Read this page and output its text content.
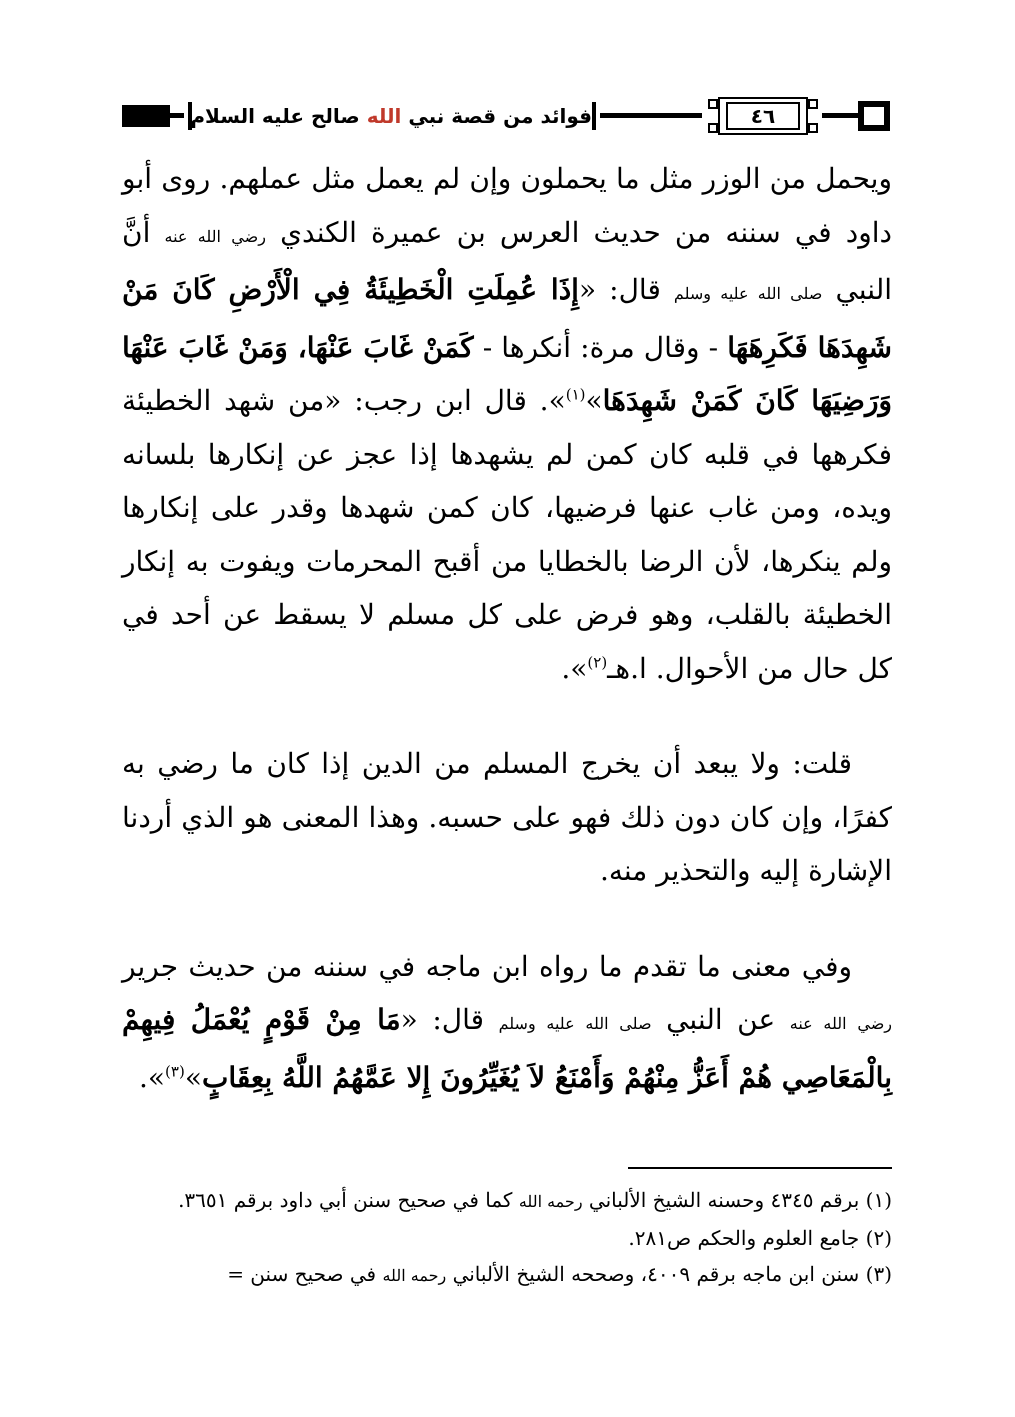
فوائد من قصة نبي الله صالح عليه السلام	٤٦

ويحمل من الوزر مثل ما يحملون وإن لم يعمل مثل عملهم. روى أبو داود في سننه من حديث العرس بن عميرة الكندي رضي الله عنه أنَّ النبي صلى الله عليه وسلم قال: «إِذَا عُمِلَتِ الْخَطِيئَةُ فِي الْأَرْضِ كَانَ مَنْ شَهِدَهَا فَكَرِهَهَا - وقال مرة: أنكرها - كَمَنْ غَابَ عَنْهَا، وَمَنْ غَابَ عَنْهَا وَرَضِيَهَا كَانَ كَمَنْ شَهِدَهَا»$^{(١)}$». قال ابن رجب: «من شهد الخطيئة فكرهها في قلبه كان كمن لم يشهدها إذا عجز عن إنكارها بلسانه ويده، ومن غاب عنها فرضيها، كان كمن شهدها وقدر على إنكارها ولم ينكرها، لأن الرضا بالخطايا من أقبح المحرمات ويفوت به إنكار الخطيئة بالقلب، وهو فرض على كل مسلم لا يسقط عن أحد في كل حال من الأحوال. ا.هـ$^{(٢)}$».

قلت: ولا يبعد أن يخرج المسلم من الدين إذا كان ما رضي به كفرًا، وإن كان دون ذلك فهو على حسبه. وهذا المعنى هو الذي أردنا الإشارة إليه والتحذير منه.

وفي معنى ما تقدم ما رواه ابن ماجه في سننه من حديث جرير رضي الله عنه عن النبي صلى الله عليه وسلم قال: «مَا مِنْ قَوْمٍ يُعْمَلُ فِيهِمْ بِالْمَعَاصِي هُمْ أَعَزُّ مِنْهُمْ وَأَمْنَعُ لاَ يُغَيِّرُونَ إِلا عَمَّهُمُ اللَّهُ بِعِقَابٍ»$^{(٣)}$».

(١) برقم ٤٣٤٥ وحسنه الشيخ الألباني رحمه الله كما في صحيح سنن أبي داود برقم ٣٦٥١.

(٢) جامع العلوم والحكم ص٢٨١.

(٣) سنن ابن ماجه برقم ٤٠٠٩، وصححه الشيخ الألباني رحمه الله في صحيح سنن =
